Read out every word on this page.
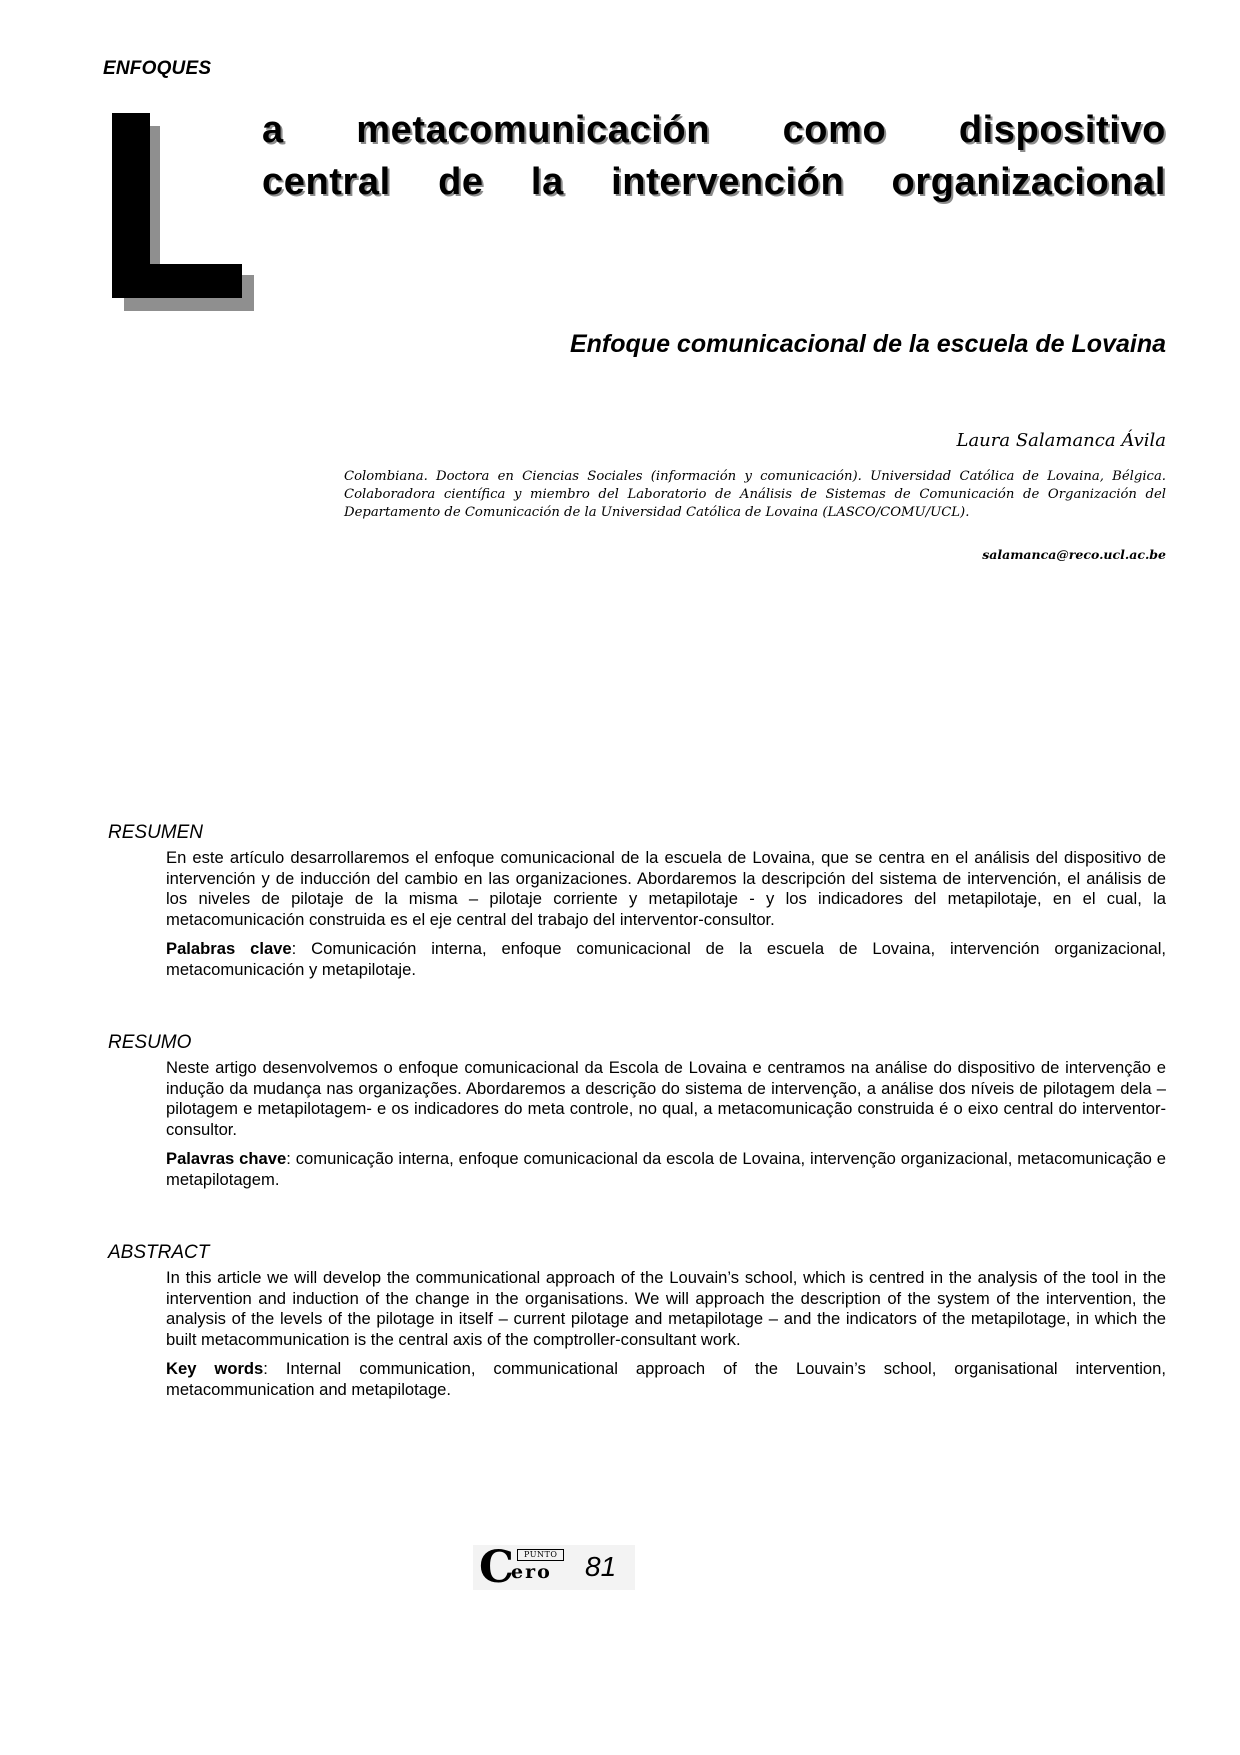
ENFOQUES
a metacomunicación como dispositivo
central de la intervención organizacional
Enfoque comunicacional de la escuela de Lovaina
Laura Salamanca Ávila
Colombiana. Doctora en Ciencias Sociales (información y comunicación). Universidad Católica de Lovaina, Bélgica. Colaboradora científica y miembro del Laboratorio de Análisis de Sistemas de Comunicación de Organización del Departamento de Comunicación de la Universidad Católica de Lovaina (LASCO/COMU/UCL).
salamanca@reco.ucl.ac.be
RESUMEN

En este artículo desarrollaremos el enfoque comunicacional de la escuela de Lovaina, que se centra en el análisis del dispositivo de intervención y de inducción del cambio en las organizaciones. Abordaremos la descripción del sistema de intervención, el análisis de los niveles de pilotaje de la misma – pilotaje corriente y metapilotaje - y los indicadores del metapilotaje, en el cual, la metacomunicación construida es el eje central del trabajo del interventor-consultor.

Palabras clave: Comunicación interna, enfoque comunicacional de la escuela de Lovaina, intervención organizacional, metacomunicación y metapilotaje.

RESUMO

Neste artigo desenvolvemos o enfoque comunicacional da Escola de Lovaina e centramos na análise do dispositivo de intervenção e indução da mudança nas organizações. Abordaremos a descrição do sistema de intervenção, a análise dos níveis de pilotagem dela –pilotagem e metapilotagem- e os indicadores do meta controle, no qual, a metacomunicação construida é o eixo central do interventor-consultor.

Palavras chave: comunicação interna, enfoque comunicacional da escola de Lovaina, intervenção organizacional, metacomunicação e metapilotagem.

ABSTRACT

In this article we will develop the communicational approach of the Louvain’s school, which is centred in the analysis of the tool in the intervention and induction of the change in the organisations. We will approach the description of the system of the intervention, the analysis of the levels of the pilotage in itself – current pilotage and metapilotage – and the indicators of the metapilotage, in which the built metacommunication is the central axis of the comptroller-consultant work.

Key words: Internal communication, communicational approach of the Louvain’s school, organisational intervention, metacommunication and metapilotage.

C
ero
PUNTO 81
